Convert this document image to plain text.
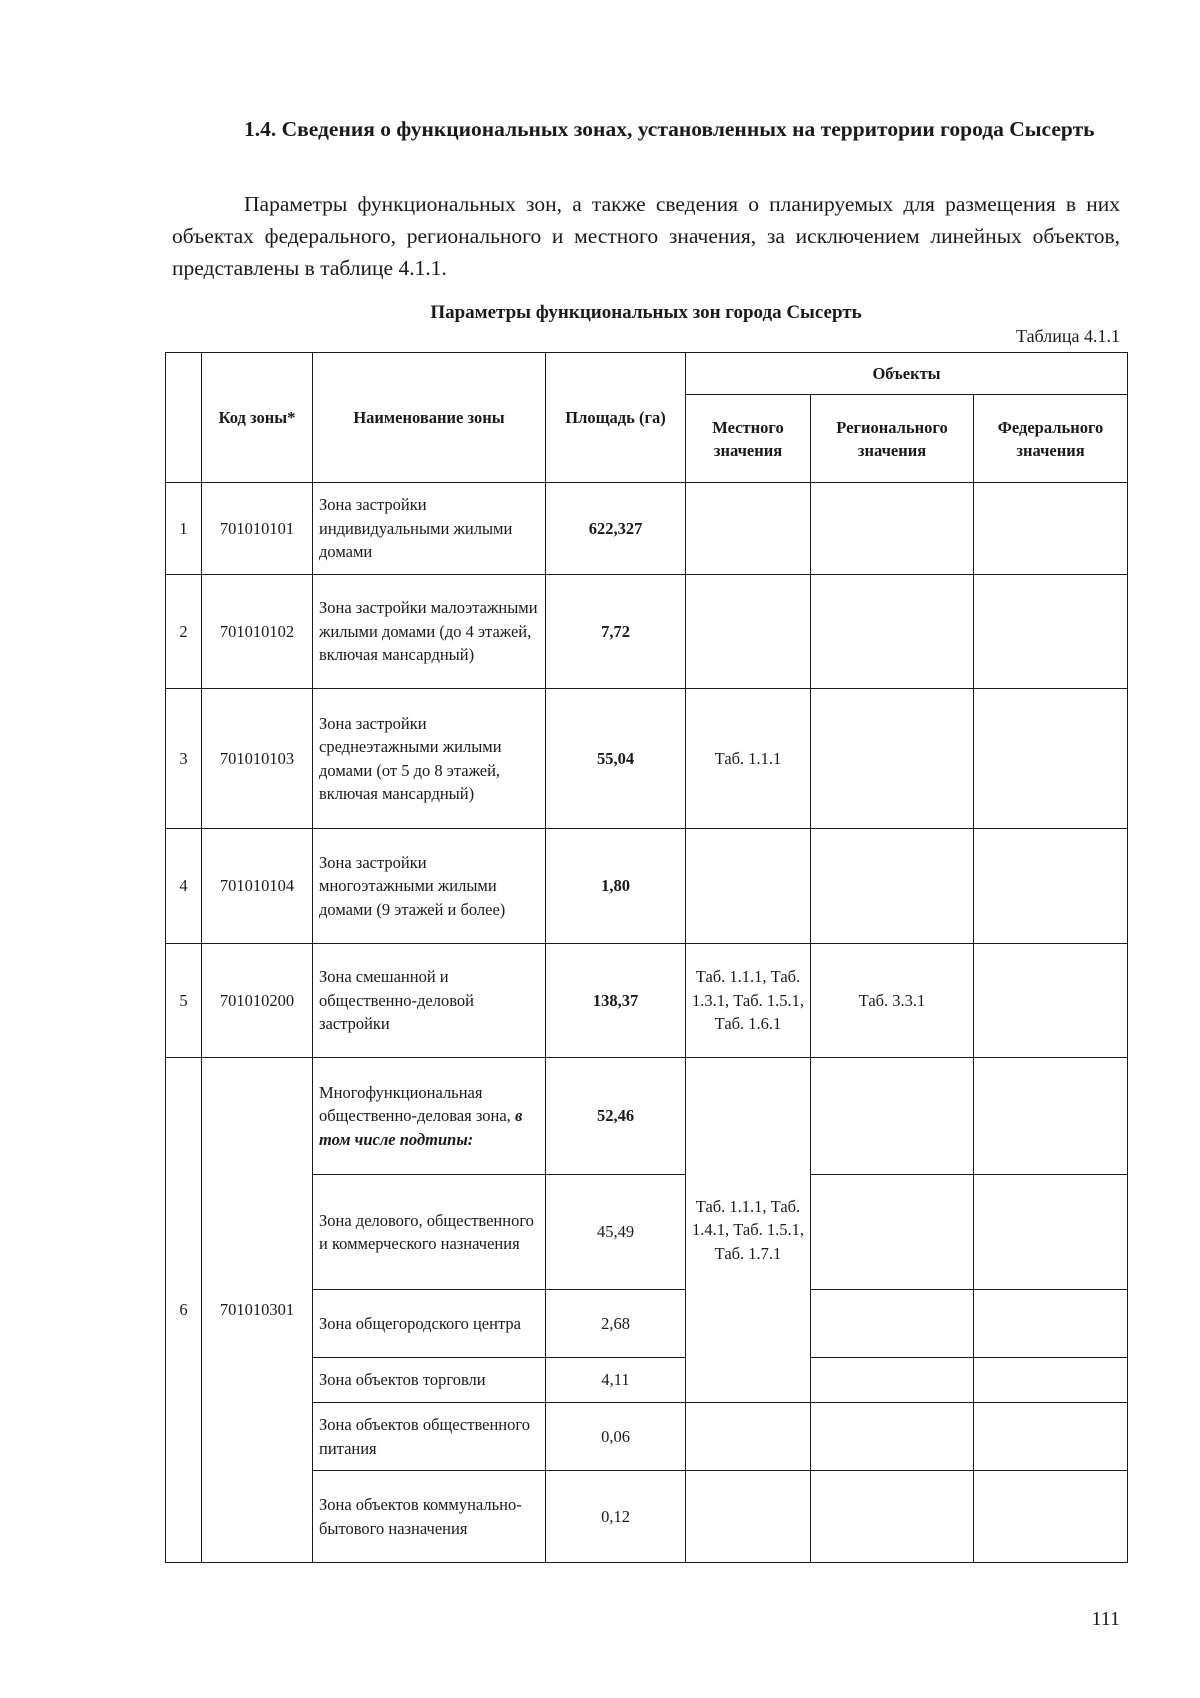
1.4. Сведения о функциональных зонах, установленных на территории города Сысерть
Параметры функциональных зон, а также сведения о планируемых для размещения в них объектах федерального, регионального и местного значения, за исключением линейных объектов, представлены в таблице 4.1.1.
Параметры функциональных зон города Сысерть
Таблица 4.1.1
	Код зоны*	Наименование зоны	Площадь (га)	Объекты		
				Местного значения	Регионального значения	Федерального значения
1	701010101	Зона застройки индивидуальными жилыми домами	622,327			
2	701010102	Зона застройки малоэтажными жилыми домами (до 4 этажей, включая мансардный)	7,72			
3	701010103	Зона застройки среднеэтажными жилыми домами (от 5 до 8 этажей, включая мансардный)	55,04	Таб. 1.1.1		
4	701010104	Зона застройки многоэтажными жилыми домами (9 этажей и более)	1,80			
5	701010200	Зона смешанной и общественно-деловой застройки	138,37	Таб. 1.1.1, Таб. 1.3.1, Таб. 1.5.1, Таб. 1.6.1	Таб. 3.3.1	
6	701010301	Многофункциональная общественно-деловая зона, в том числе подтипы:	52,46	Таб. 1.1.1, Таб. 1.4.1, Таб. 1.5.1, Таб. 1.7.1		
		Зона делового, общественного и коммерческого назначения	45,49			
		Зона общегородского центра	2,68			
		Зона объектов торговли	4,11			
		Зона объектов общественного питания	0,06			
		Зона объектов коммунально-бытового назначения	0,12			
111
